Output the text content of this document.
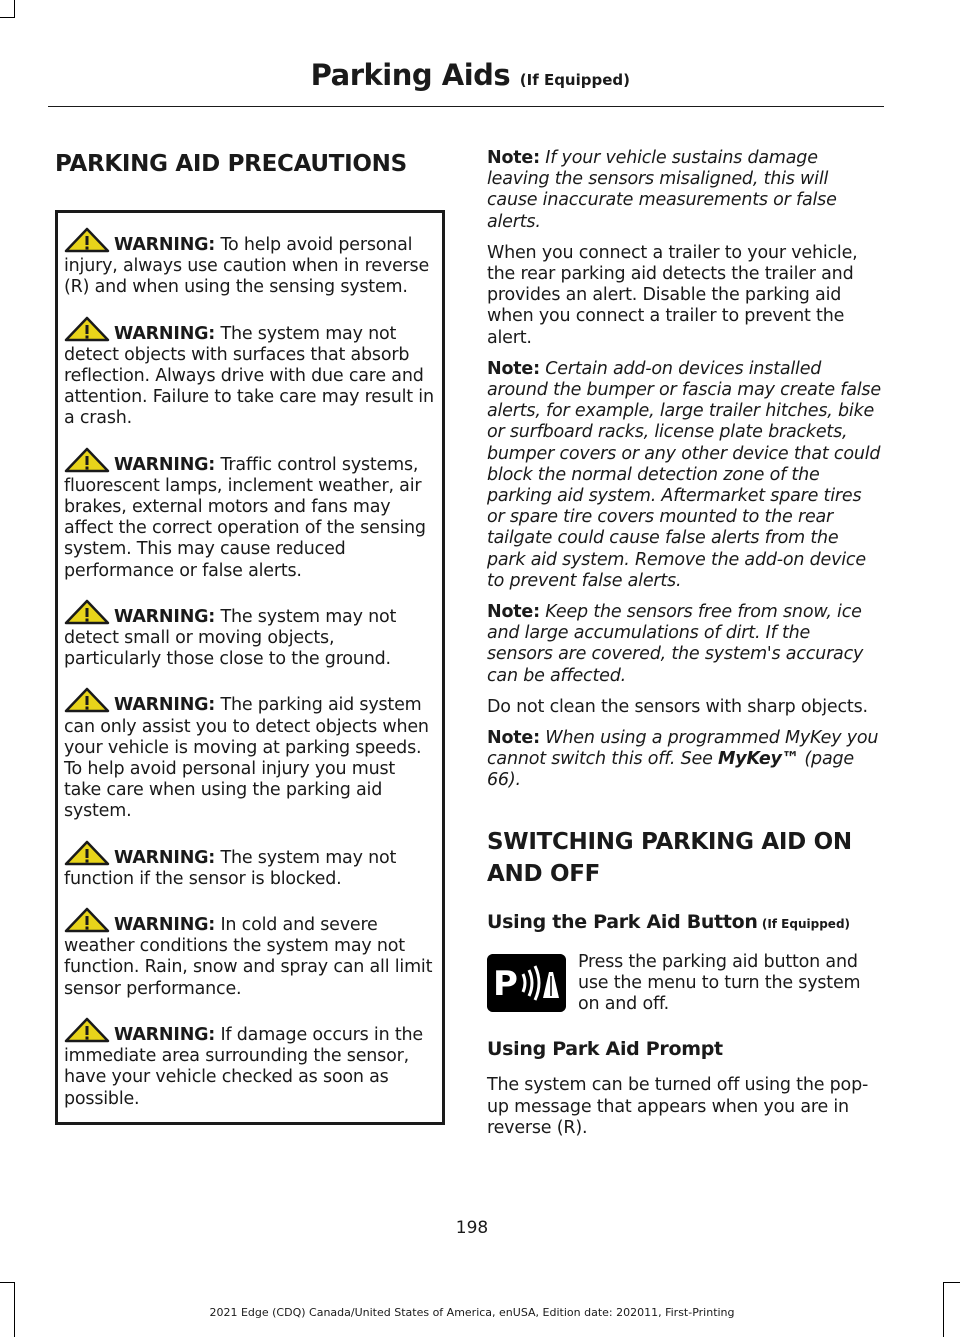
Parking Aids (If Equipped)
PARKING AID PRECAUTIONS
WARNING: To help avoid personal injury, always use caution when in reverse (R) and when using the sensing system.
WARNING: The system may not detect objects with surfaces that absorb reflection. Always drive with due care and attention. Failure to take care may result in a crash.
WARNING: Traffic control systems, fluorescent lamps, inclement weather, air brakes, external motors and fans may affect the correct operation of the sensing system. This may cause reduced performance or false alerts.
WARNING: The system may not detect small or moving objects, particularly those close to the ground.
WARNING: The parking aid system can only assist you to detect objects when your vehicle is moving at parking speeds. To help avoid personal injury you must take care when using the parking aid system.
WARNING: The system may not function if the sensor is blocked.
WARNING: In cold and severe weather conditions the system may not function. Rain, snow and spray can all limit sensor performance.
WARNING: If damage occurs in the immediate area surrounding the sensor, have your vehicle checked as soon as possible.
Note: If your vehicle sustains damage leaving the sensors misaligned, this will cause inaccurate measurements or false alerts.
When you connect a trailer to your vehicle, the rear parking aid detects the trailer and provides an alert. Disable the parking aid when you connect a trailer to prevent the alert.
Note: Certain add-on devices installed around the bumper or fascia may create false alerts, for example, large trailer hitches, bike or surfboard racks, license plate brackets, bumper covers or any other device that could block the normal detection zone of the parking aid system. Aftermarket spare tires or spare tire covers mounted to the rear tailgate could cause false alerts from the park aid system. Remove the add-on device to prevent false alerts.
Note: Keep the sensors free from snow, ice and large accumulations of dirt. If the sensors are covered, the system's accuracy can be affected.
Do not clean the sensors with sharp objects.
Note: When using a programmed MyKey you cannot switch this off. See MyKey™ (page 66).
SWITCHING PARKING AID ON AND OFF
Using the Park Aid Button (If Equipped)
P
Press the parking aid button and use the menu to turn the system on and off.
Using Park Aid Prompt
The system can be turned off using the pop-up message that appears when you are in reverse (R).
198
2021 Edge (CDQ) Canada/United States of America, enUSA, Edition date: 202011, First-Printing
